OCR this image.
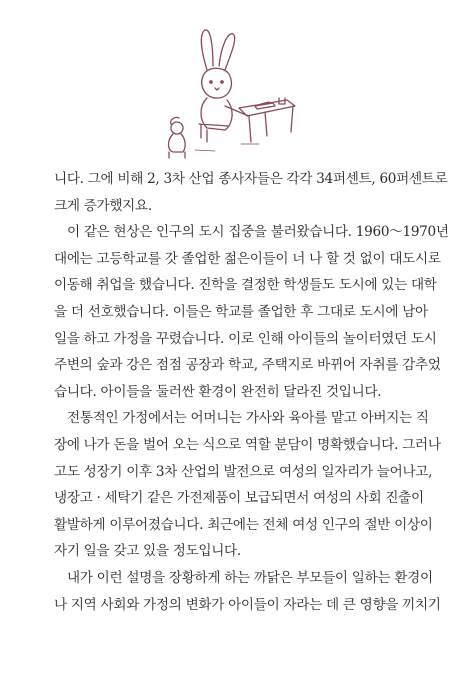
니다. 그에 비해 2, 3차 산업 종사자들은 각각 34퍼센트, 60퍼센트로
크게 증가했지요.
이 같은 현상은 인구의 도시 집중을 불러왔습니다. 1960～1970년
대에는 고등학교를 갓 졸업한 젊은이들이 너 나 할 것 없이 대도시로
이동해 취업을 했습니다. 진학을 결정한 학생들도 도시에 있는 대학
을 더 선호했습니다. 이들은 학교를 졸업한 후 그대로 도시에 남아
일을 하고 가정을 꾸렸습니다. 이로 인해 아이들의 놀이터였던 도시
주변의 숲과 강은 점점 공장과 학교, 주택지로 바뀌어 자취를 감추었
습니다. 아이들을 둘러싼 환경이 완전히 달라진 것입니다.
전통적인 가정에서는 어머니는 가사와 육아를 맡고 아버지는 직
장에 나가 돈을 벌어 오는 식으로 역할 분담이 명확했습니다. 그러나
고도 성장기 이후 3차 산업의 발전으로 여성의 일자리가 늘어나고,
냉장고 · 세탁기 같은 가전제품이 보급되면서 여성의 사회 진출이
활발하게 이루어졌습니다. 최근에는 전체 여성 인구의 절반 이상이
자기 일을 갖고 있을 정도입니다.
내가 이런 설명을 장황하게 하는 까닭은 부모들이 일하는 환경이
나 지역 사회와 가정의 변화가 아이들이 자라는 데 큰 영향을 끼치기
